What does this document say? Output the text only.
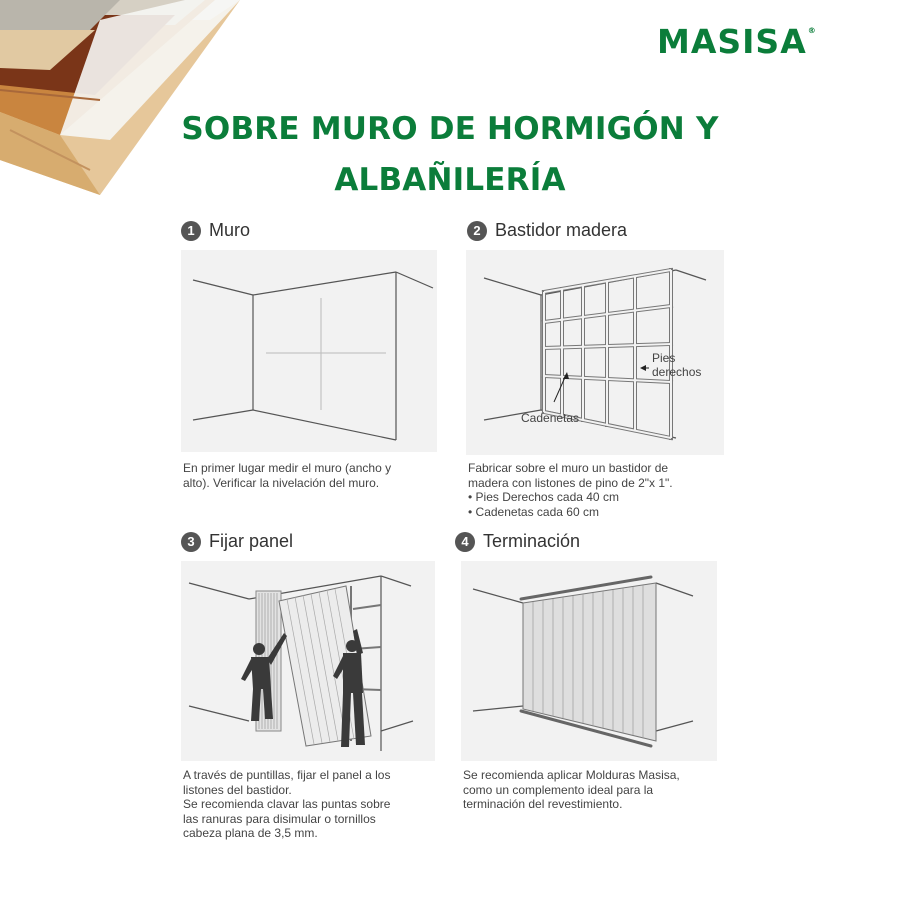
MASISA®
SOBRE MURO DE HORMIGÓN Y
ALBAÑILERÍA
1 Muro

En primer lugar medir el muro (ancho y

alto). Verificar la nivelación del muro.

2 Bastidor madera
Pies
derechos
Cadenetas

Fabricar sobre el muro un bastidor de

madera con listones de pino de 2"x 1".

• Pies Derechos cada 40 cm

• Cadenetas cada 60 cm

3 Fijar panel

A través de puntillas, fijar el panel a los

listones del bastidor.

Se recomienda clavar las puntas sobre

las ranuras para disimular o tornillos

cabeza plana de 3,5 mm.

4 Terminación

Se recomienda aplicar Molduras Masisa,

como un complemento ideal para la

terminación del revestimiento.
